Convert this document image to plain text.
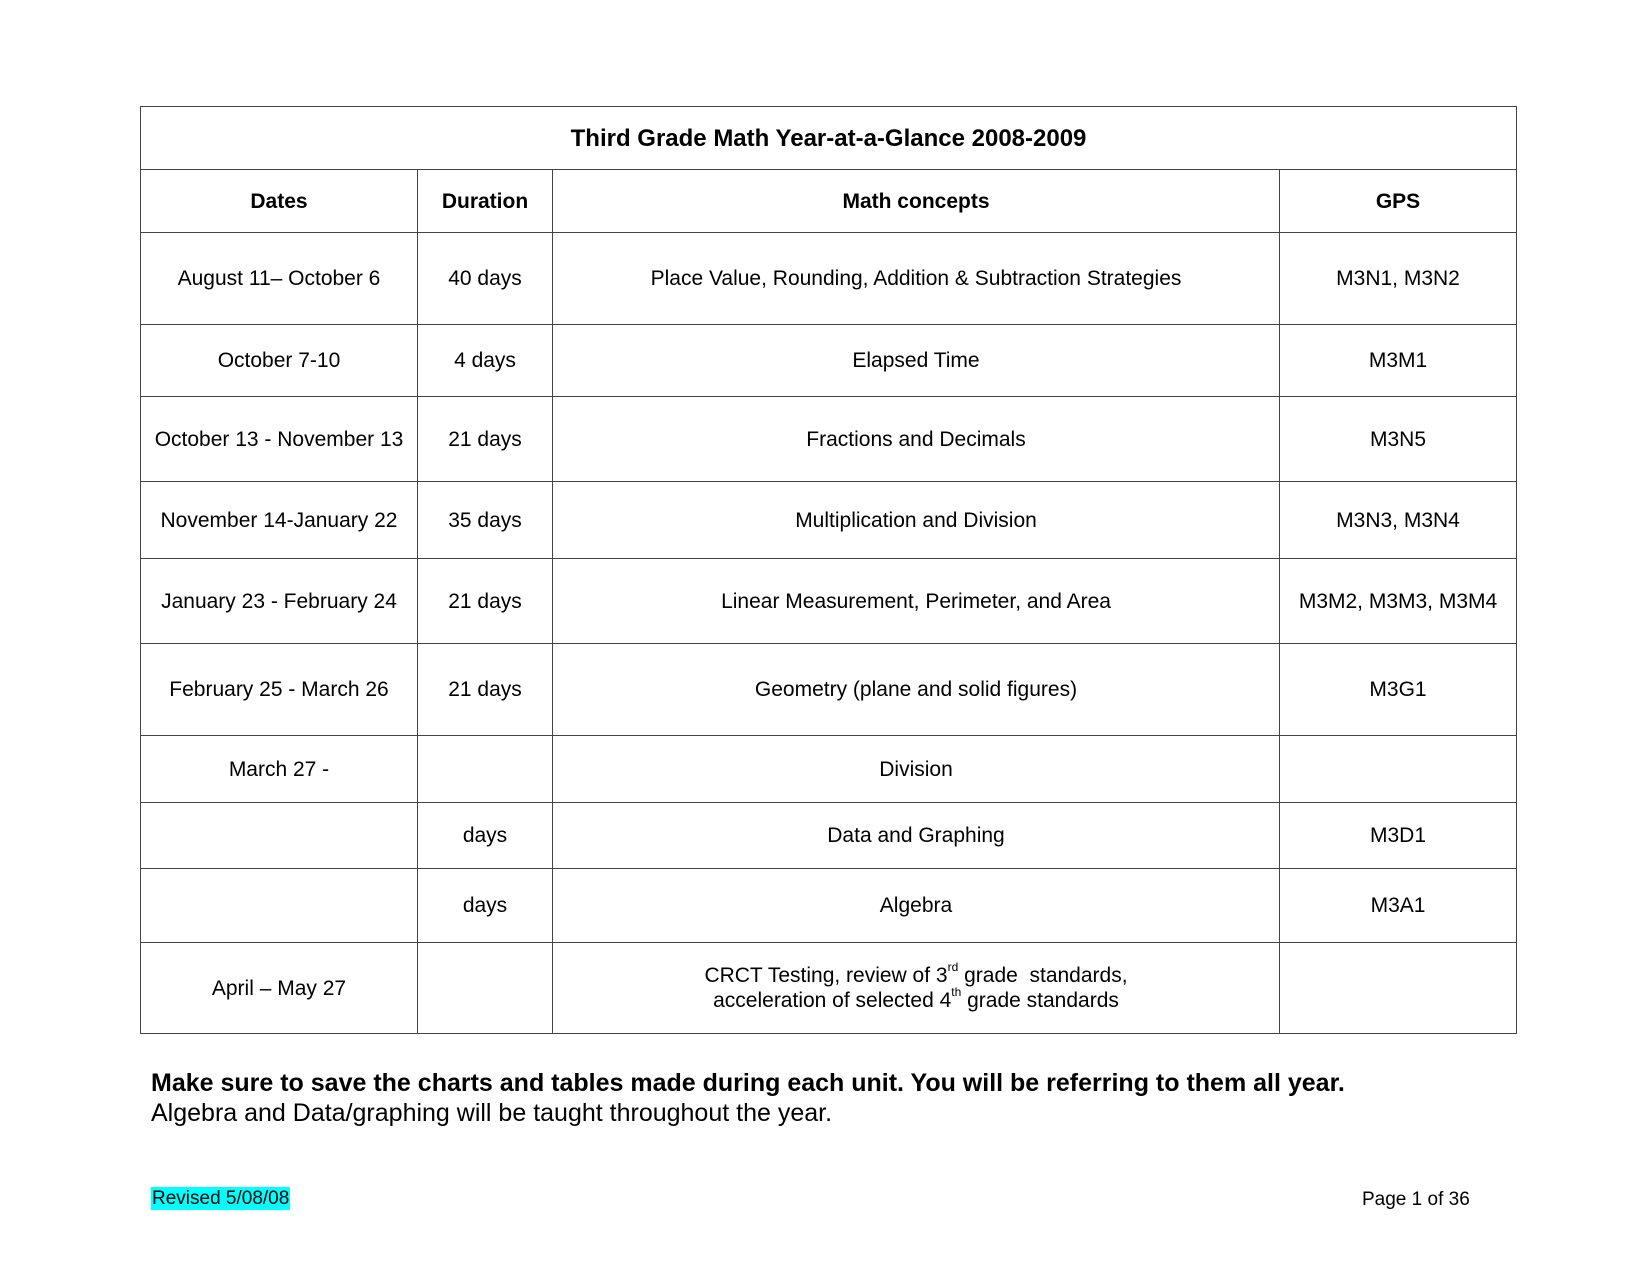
Third Grade Math Year-at-a-Glance 2008-2009			
Dates	Duration	Math concepts	GPS
August 11– October 6	40 days	Place Value, Rounding, Addition & Subtraction Strategies	M3N1, M3N2
October 7-10	4 days	Elapsed Time	M3M1
October 13 - November 13	21 days	Fractions and Decimals	M3N5
November 14-January 22	35 days	Multiplication and Division	M3N3, M3N4
January 23 - February 24	21 days	Linear Measurement, Perimeter, and Area	M3M2, M3M3, M3M4
February 25 - March 26	21 days	Geometry (plane and solid figures)	M3G1
March 27 -		Division	
	days	Data and Graphing	M3D1
	days	Algebra	M3A1
April – May 27		CRCT Testing, review of 3rd grade  standards,
acceleration of selected 4th grade standards	

Make sure to save the charts and tables made during each unit. You will be referring to them all year.
Algebra and Data/graphing will be taught throughout the year.
Revised 5/08/08	Page 1 of 36
